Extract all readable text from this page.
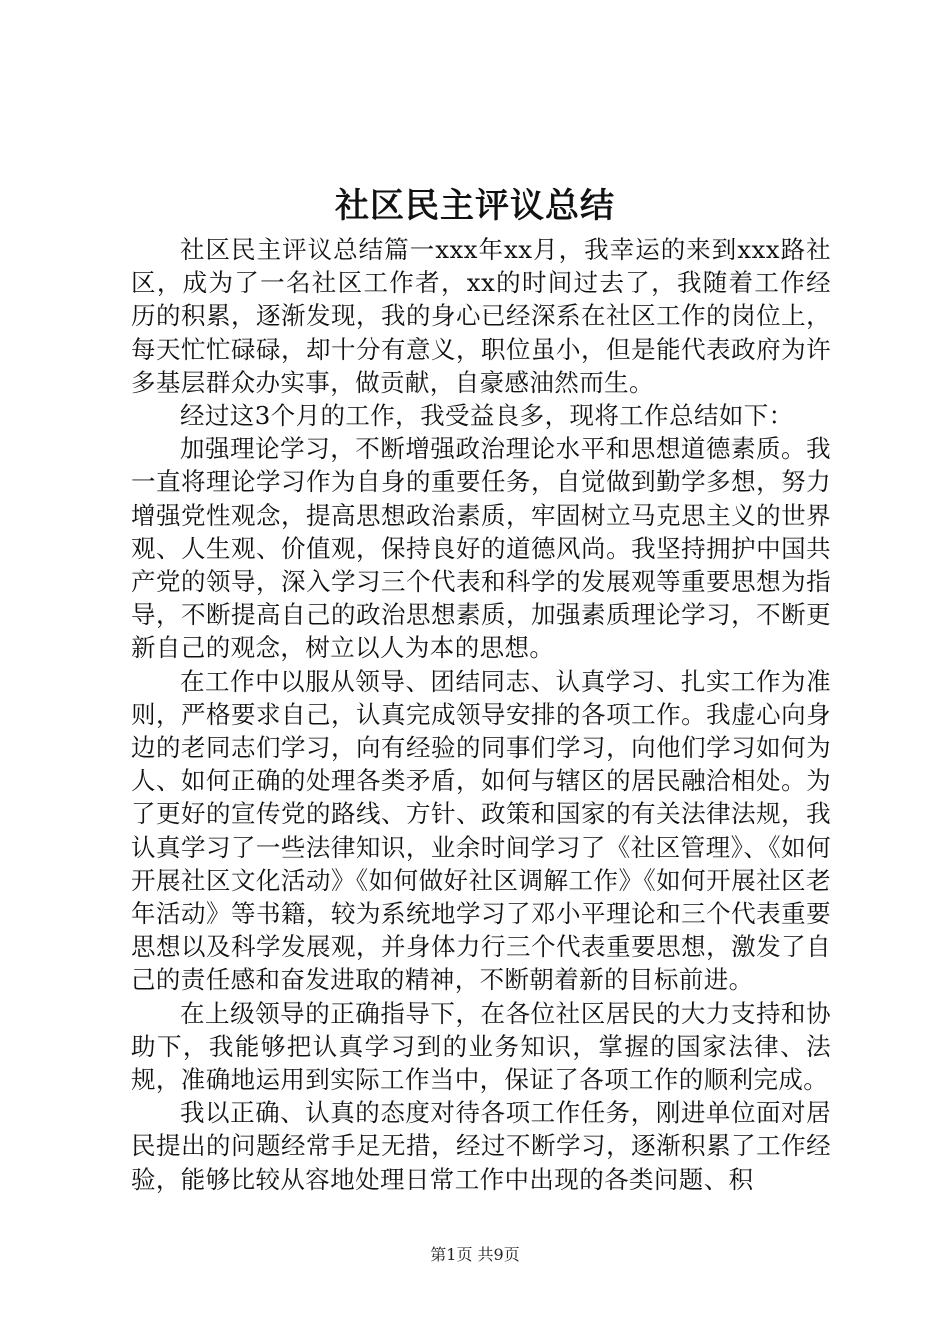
社区民主评议总结

社区民主评议总结篇一xxx年xx月，我幸运的来到xxx路社区，成为了一名社区工作者，xx的时间过去了，我随着工作经历的积累，逐渐发现，我的身心已经深系在社区工作的岗位上，每天忙忙碌碌，却十分有意义，职位虽小，但是能代表政府为许多基层群众办实事，做贡献，自豪感油然而生。

经过这3个月的工作，我受益良多，现将工作总结如下：

加强理论学习，不断增强政治理论水平和思想道德素质。我一直将理论学习作为自身的重要任务，自觉做到勤学多想，努力增强党性观念，提高思想政治素质，牢固树立马克思主义的世界观、人生观、价值观，保持良好的道德风尚。我坚持拥护中国共产党的领导，深入学习三个代表和科学的发展观等重要思想为指导，不断提高自己的政治思想素质，加强素质理论学习，不断更新自己的观念，树立以人为本的思想。

在工作中以服从领导、团结同志、认真学习、扎实工作为准则，严格要求自己，认真完成领导安排的各项工作。我虚心向身边的老同志们学习，向有经验的同事们学习，向他们学习如何为人、如何正确的处理各类矛盾，如何与辖区的居民融洽相处。为了更好的宣传党的路线、方针、政策和国家的有关法律法规，我认真学习了一些法律知识，业余时间学习了《社区管理》、《如何开展社区文化活动》《如何做好社区调解工作》《如何开展社区老年活动》等书籍，较为系统地学习了邓小平理论和三个代表重要思想以及科学发展观，并身体力行三个代表重要思想，激发了自己的责任感和奋发进取的精神，不断朝着新的目标前进。

在上级领导的正确指导下，在各位社区居民的大力支持和协助下，我能够把认真学习到的业务知识，掌握的国家法律、法规，准确地运用到实际工作当中，保证了各项工作的顺利完成。

我以正确、认真的态度对待各项工作任务，刚进单位面对居民提出的问题经常手足无措，经过不断学习，逐渐积累了工作经验，能够比较从容地处理日常工作中出现的各类问题、积

第1页 共9页
